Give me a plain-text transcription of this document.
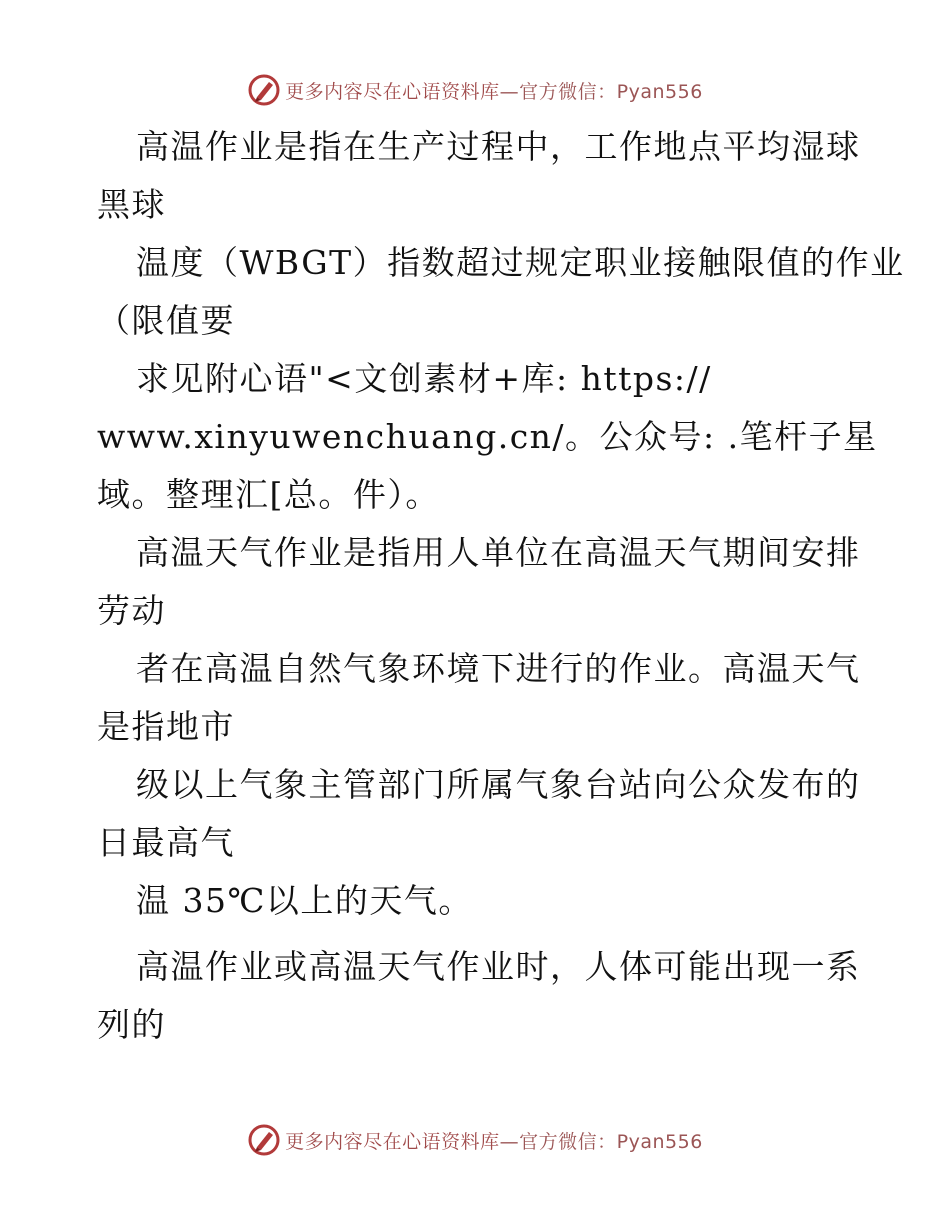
更多内容尽在心语资料库—官方微信：Pyan556
高温作业是指在生产过程中，工作地点平均湿球
黑球
温度（WBGT）指数超过规定职业接触限值的作业
（限值要
求见附心语"<文创素材+库: https://
www.xinyuwenchuang.cn/。公众号: .笔杆子星
域。整理汇[总。件）。
高温天气作业是指用人单位在高温天气期间安排
劳动
者在高温自然气象环境下进行的作业。高温天气
是指地市
级以上气象主管部门所属气象台站向公众发布的
日最高气
温 35℃以上的天气。
高温作业或高温天气作业时，人体可能出现一系
列的
更多内容尽在心语资料库—官方微信：Pyan556
